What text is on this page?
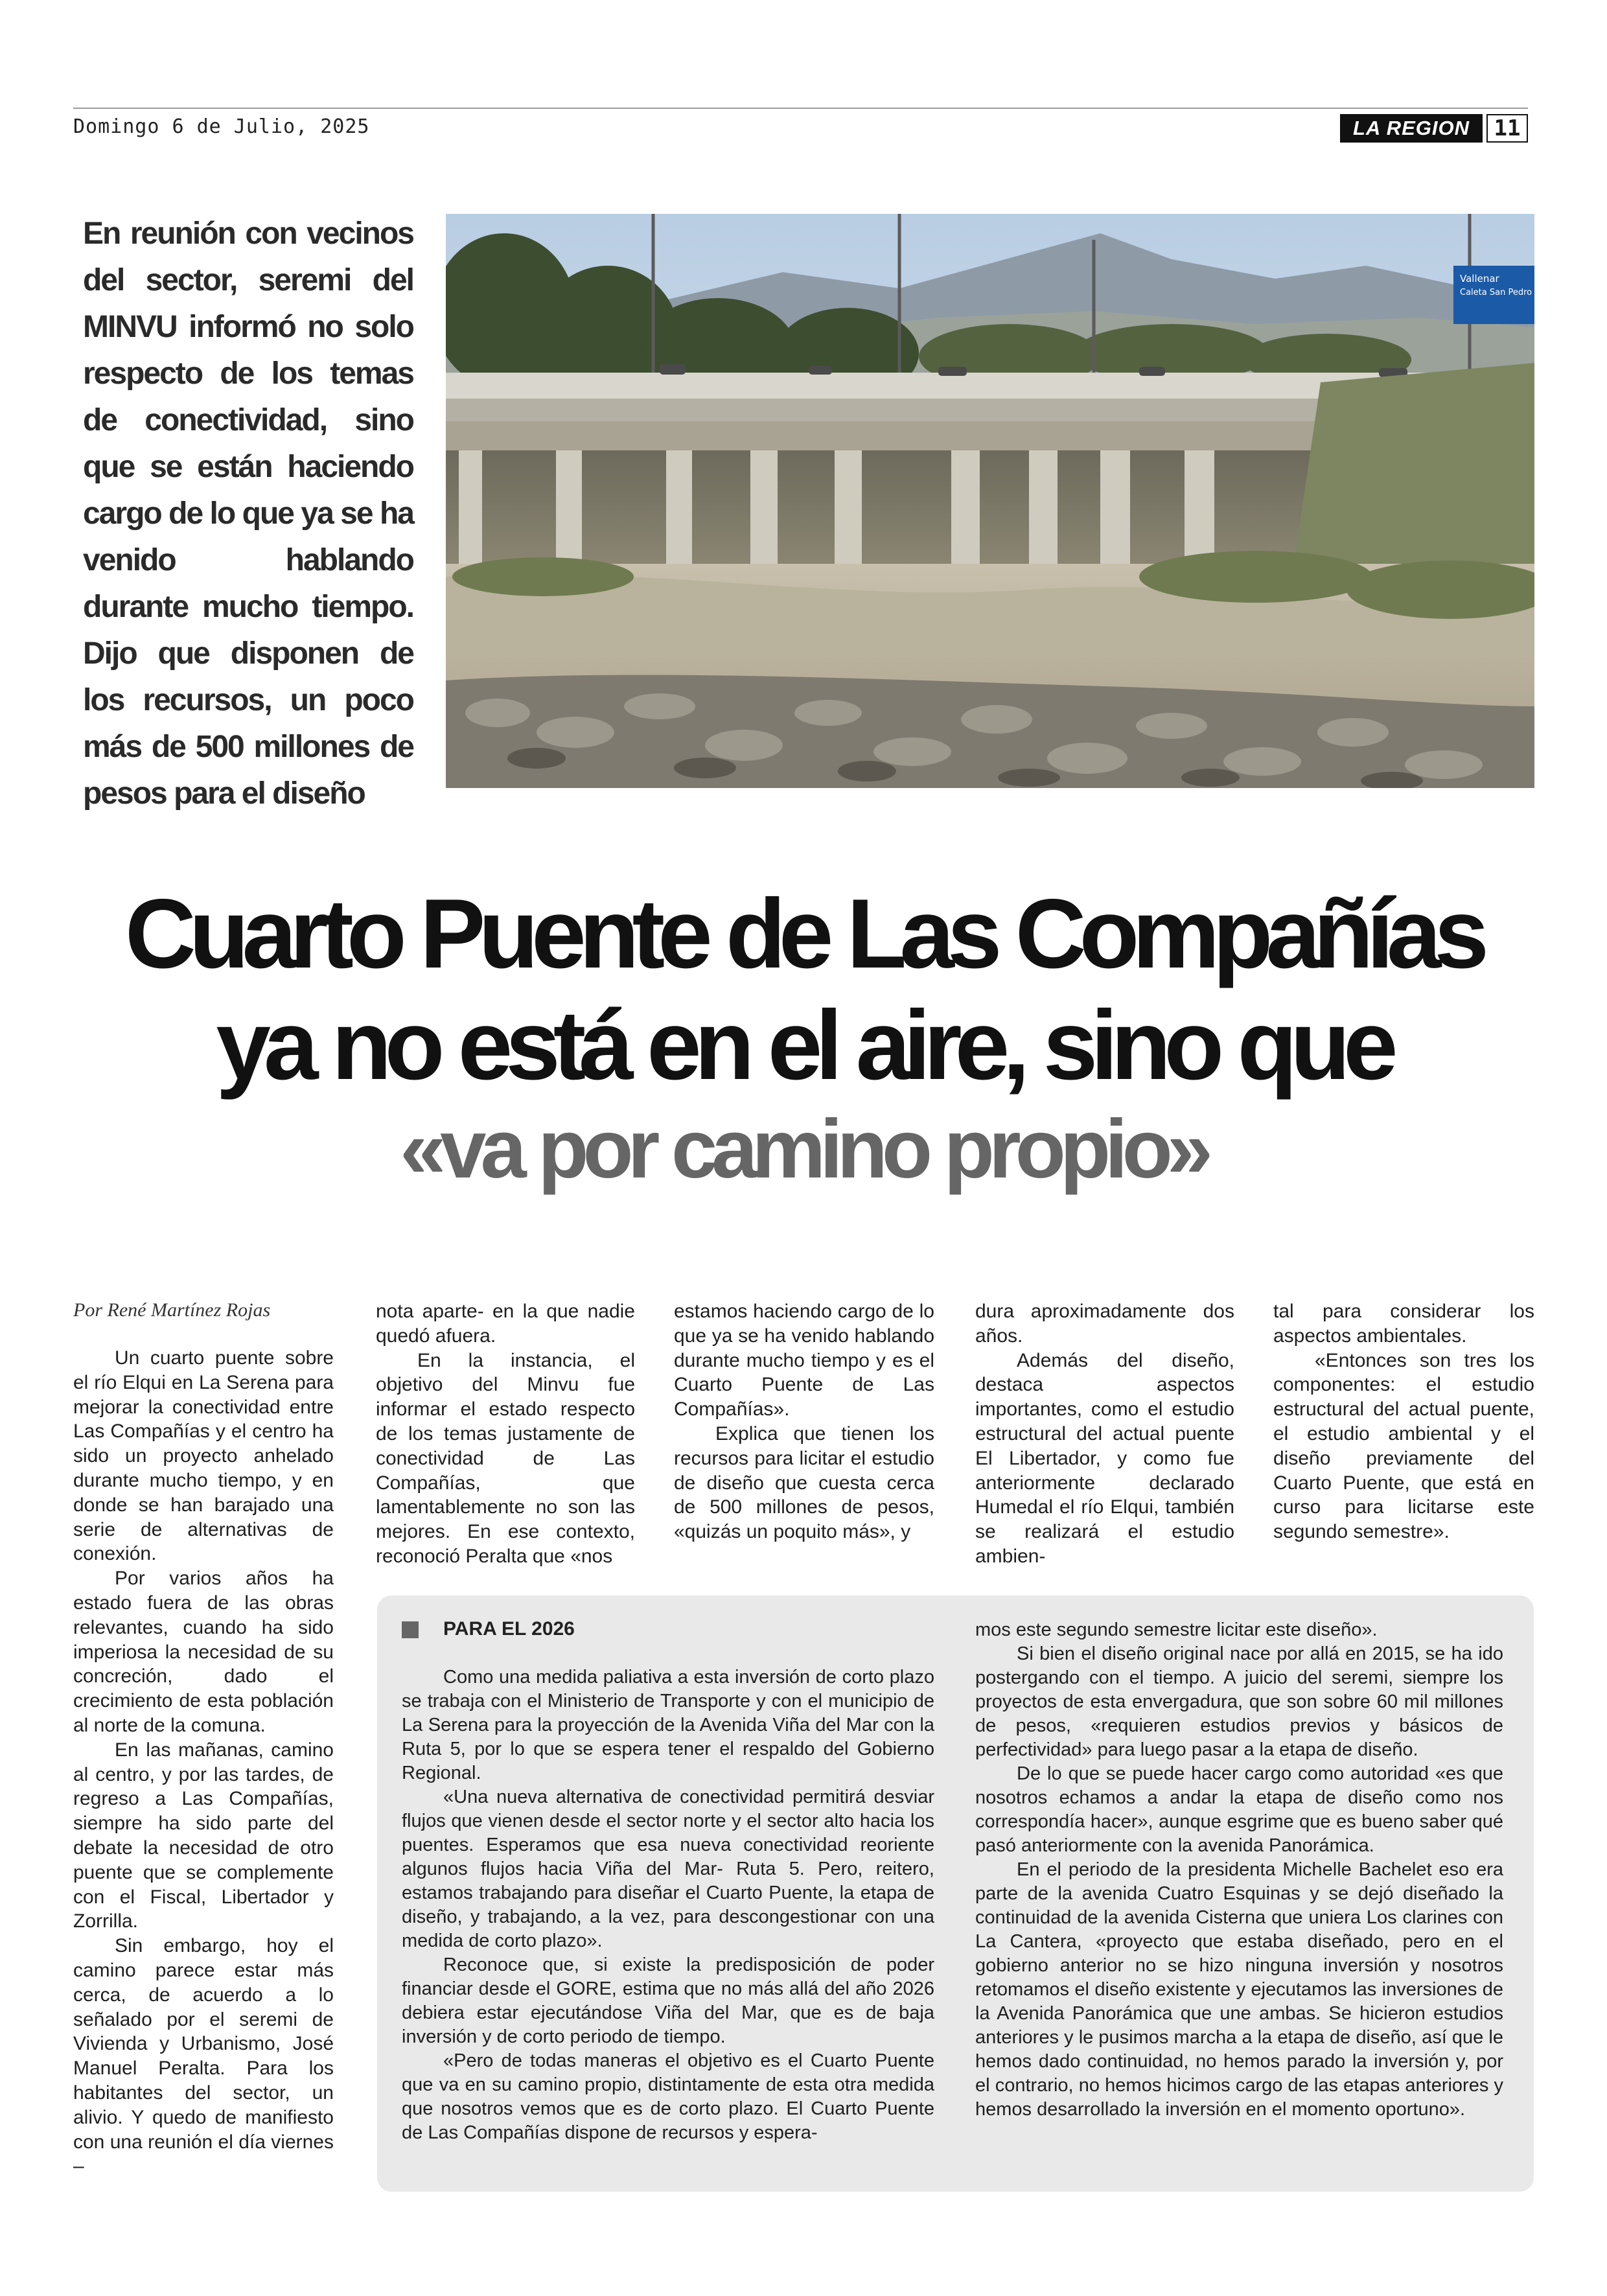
Domingo 6 de Julio, 2025	LA REGION	11
En reunión con vecinos del sector, seremi del MINVU informó no solo respecto de los temas de conectividad, sino que se están haciendo cargo de lo que ya se ha venido hablando durante mucho tiempo. Dijo que disponen de los recursos, un poco más de 500 millones de pesos para el diseño
Vallenar
Caleta San Pedro
Cuarto Puente de Las Compañías
ya no está en el aire, sino que
«va por camino propio»
Por René Martínez Rojas

Un cuarto puente sobre el río Elqui en La Serena para mejorar la conectividad entre Las Compañías y el centro ha sido un proyecto anhelado durante mucho tiempo, y en donde se han barajado una serie de alternativas de conexión.

Por varios años ha estado fuera de las obras relevantes, cuando ha sido imperiosa la necesidad de su concreción, dado el crecimiento de esta población al norte de la comuna.

En las mañanas, camino al centro, y por las tardes, de regreso a Las Compañías, siempre ha sido parte del debate la necesidad de otro puente que se complemente con el Fiscal, Libertador y Zorrilla.

Sin embargo, hoy el camino parece estar más cerca, de acuerdo a lo señalado por el seremi de Vivienda y Urbanismo, José Manuel Peralta. Para los habitantes del sector, un alivio. Y quedo de manifiesto con una reunión el día viernes –

nota aparte- en la que nadie quedó afuera.

En la instancia, el objetivo del Minvu fue informar el estado respecto de los temas justamente de conectividad de Las Compañías, que lamentablemente no son las mejores. En ese contexto, reconoció Peralta que «nos

estamos haciendo cargo de lo que ya se ha venido hablando durante mucho tiempo y es el Cuarto Puente de Las Compañías».

Explica que tienen los recursos para licitar el estudio de diseño que cuesta cerca de 500 millones de pesos, «quizás un poquito más», y

dura aproximadamente dos años.

Además del diseño, destaca aspectos importantes, como el estudio estructural del actual puente El Libertador, y como fue anteriormente declarado Humedal el río Elqui, también se realizará el estudio ambien-

tal para considerar los aspectos ambientales.

«Entonces son tres los componentes: el estudio estructural del actual puente, el estudio ambiental y el diseño previamente del Cuarto Puente, que está en curso para licitarse este segundo semestre».

PARA EL 2026

Como una medida paliativa a esta inversión de corto plazo se trabaja con el Ministerio de Transporte y con el municipio de La Serena para la proyección de la Avenida Viña del Mar con la Ruta 5, por lo que se espera tener el respaldo del Gobierno Regional.

«Una nueva alternativa de conectividad permitirá desviar flujos que vienen desde el sector norte y el sector alto hacia los puentes. Esperamos que esa nueva conectividad reoriente algunos flujos hacia Viña del Mar- Ruta 5. Pero, reitero, estamos trabajando para diseñar el Cuarto Puente, la etapa de diseño, y trabajando, a la vez, para descongestionar con una medida de corto plazo».

Reconoce que, si existe la predisposición de poder financiar desde el GORE, estima que no más allá del año 2026 debiera estar ejecutándose Viña del Mar, que es de baja inversión y de corto periodo de tiempo.

«Pero de todas maneras el objetivo es el Cuarto Puente que va en su camino propio, distintamente de esta otra medida que nosotros vemos que es de corto plazo. El Cuarto Puente de Las Compañías dispone de recursos y espera-

mos este segundo semestre licitar este diseño».

Si bien el diseño original nace por allá en 2015, se ha ido postergando con el tiempo. A juicio del seremi, siempre los proyectos de esta envergadura, que son sobre 60 mil millones de pesos, «requieren estudios previos y básicos de perfectividad» para luego pasar a la etapa de diseño.

De lo que se puede hacer cargo como autoridad «es que nosotros echamos a andar la etapa de diseño como nos correspondía hacer», aunque esgrime que es bueno saber qué pasó anteriormente con la avenida Panorámica.

En el periodo de la presidenta Michelle Bachelet eso era parte de la avenida Cuatro Esquinas y se dejó diseñado la continuidad de la avenida Cisterna que uniera Los clarines con La Cantera, «proyecto que estaba diseñado, pero en el gobierno anterior no se hizo ninguna inversión y nosotros retomamos el diseño existente y ejecutamos las inversiones de la Avenida Panorámica que une ambas. Se hicieron estudios anteriores y le pusimos marcha a la etapa de diseño, así que le hemos dado continuidad, no hemos parado la inversión y, por el contrario, no hemos hicimos cargo de las etapas anteriores y hemos desarrollado la inversión en el momento oportuno».
